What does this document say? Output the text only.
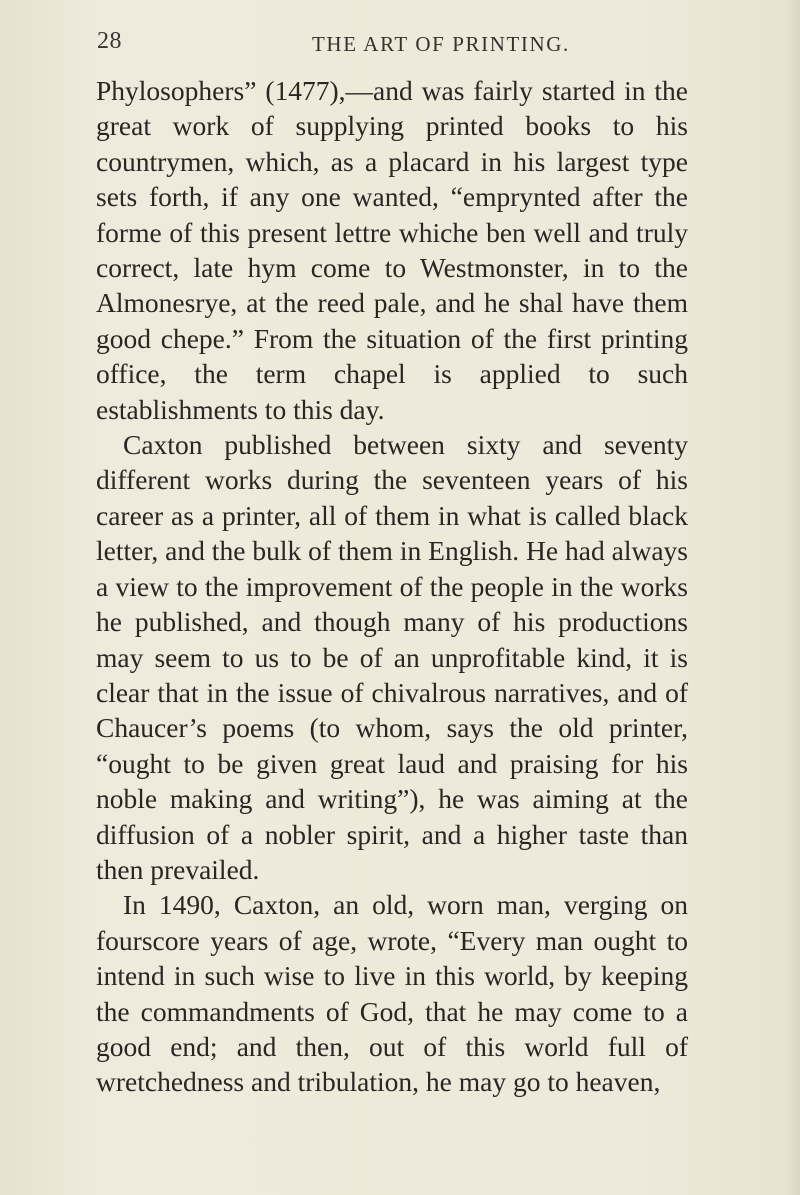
28	THE ART OF PRINTING.

Phylosophers” (1477),—and was fairly started in the great work of supplying printed books to his countrymen, which, as a placard in his largest type sets forth, if any one wanted, “emprynted after the forme of this present lettre whiche ben well and truly correct, late hym come to Westmonster, in to the Almonesrye, at the reed pale, and he shal have them good chepe.” From the situation of the first printing office, the term chapel is applied to such establishments to this day.

Caxton published between sixty and seventy different works during the seventeen years of his career as a printer, all of them in what is called black letter, and the bulk of them in English. He had always a view to the improvement of the people in the works he published, and though many of his productions may seem to us to be of an unprofitable kind, it is clear that in the issue of chivalrous narratives, and of Chaucer’s poems (to whom, says the old printer, “ought to be given great laud and praising for his noble making and writing”), he was aiming at the diffusion of a nobler spirit, and a higher taste than then prevailed.

In 1490, Caxton, an old, worn man, verging on fourscore years of age, wrote, “Every man ought to intend in such wise to live in this world, by keeping the commandments of God, that he may come to a good end; and then, out of this world full of wretchedness and tribulation, he may go to heaven,
